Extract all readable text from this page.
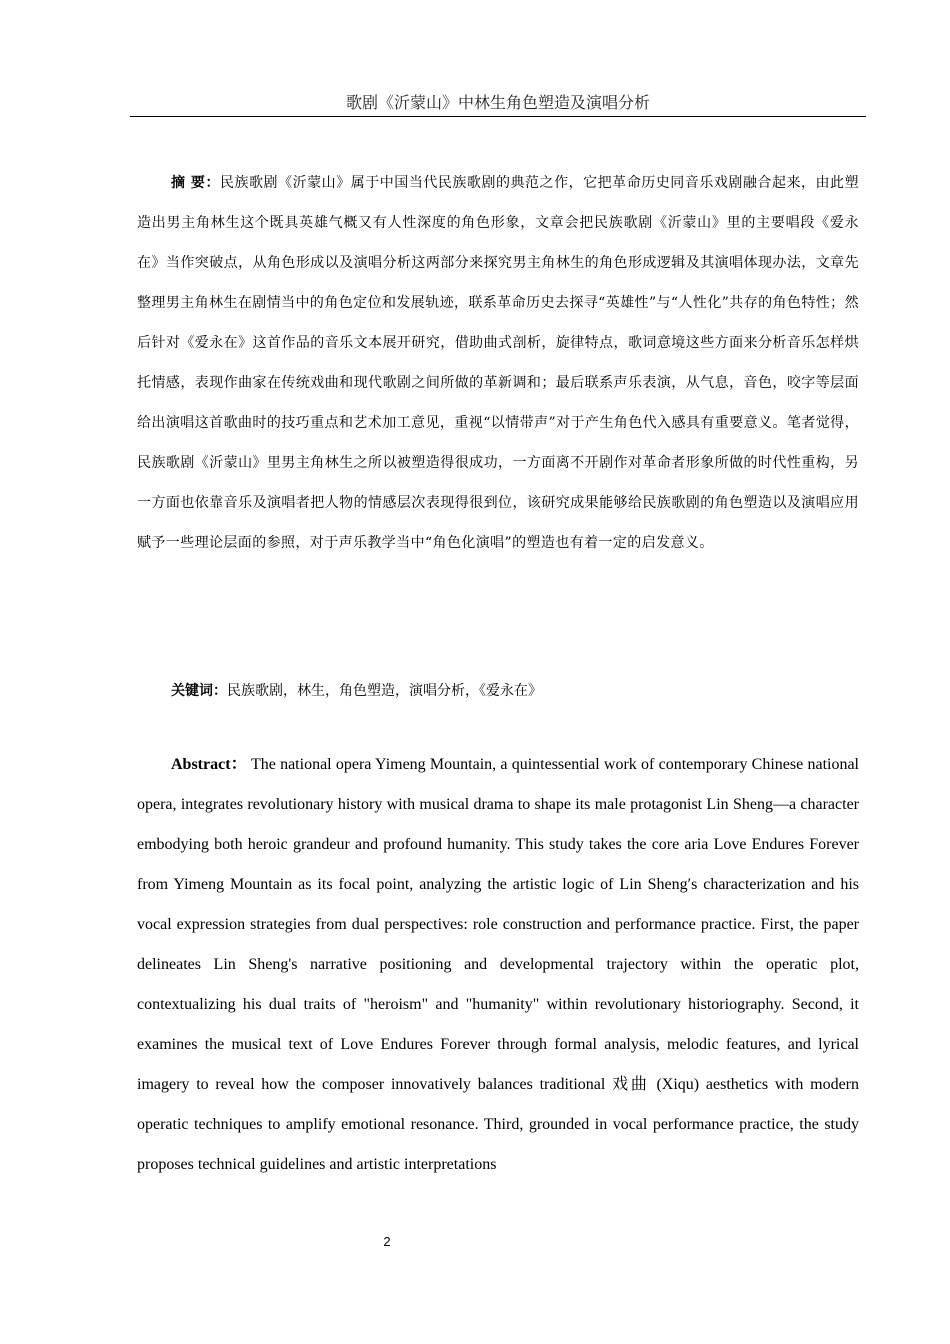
歌剧《沂蒙山》中林生角色塑造及演唱分析
摘 要：民族歌剧《沂蒙山》属于中国当代民族歌剧的典范之作，它把革命历史同音乐戏剧融合起来，由此塑造出男主角林生这个既具英雄气概又有人性深度的角色形象，文章会把民族歌剧《沂蒙山》里的主要唱段《爱永在》当作突破点，从角色形成以及演唱分析这两部分来探究男主角林生的角色形成逻辑及其演唱体现办法，文章先整理男主角林生在剧情当中的角色定位和发展轨迹，联系革命历史去探寻“英雄性”与“人性化”共存的角色特性；然后针对《爱永在》这首作品的音乐文本展开研究，借助曲式剖析，旋律特点，歌词意境这些方面来分析音乐怎样烘托情感，表现作曲家在传统戏曲和现代歌剧之间所做的革新调和；最后联系声乐表演，从气息，音色，咬字等层面给出演唱这首歌曲时的技巧重点和艺术加工意见，重视“以情带声”对于产生角色代入感具有重要意义。笔者觉得，民族歌剧《沂蒙山》里男主角林生之所以被塑造得很成功，一方面离不开剧作对革命者形象所做的时代性重构，另一方面也依靠音乐及演唱者把人物的情感层次表现得很到位，该研究成果能够给民族歌剧的角色塑造以及演唱应用赋予一些理论层面的参照，对于声乐教学当中“角色化演唱”的塑造也有着一定的启发意义。
关键词：民族歌剧，林生，角色塑造，演唱分析，《爱永在》
Abstract： The national opera Yimeng Mountain, a quintessential work of contemporary Chinese national opera, integrates revolutionary history with musical drama to shape its male protagonist Lin Sheng—a character embodying both heroic grandeur and profound humanity. This study takes the core aria Love Endures Forever from Yimeng Mountain as its focal point, analyzing the artistic logic of Lin Sheng′s characterization and his vocal expression strategies from dual perspectives: role construction and performance practice. First, the paper delineates Lin Sheng's narrative positioning and developmental trajectory within the operatic plot, contextualizing his dual traits of "heroism" and "humanity" within revolutionary historiography. Second, it examines the musical text of Love Endures Forever through formal analysis, melodic features, and lyrical imagery to reveal how the composer innovatively balances traditional 戏曲 (Xiqu) aesthetics with modern operatic techniques to amplify emotional resonance. Third, grounded in vocal performance practice, the study proposes technical guidelines and artistic interpretations
2
